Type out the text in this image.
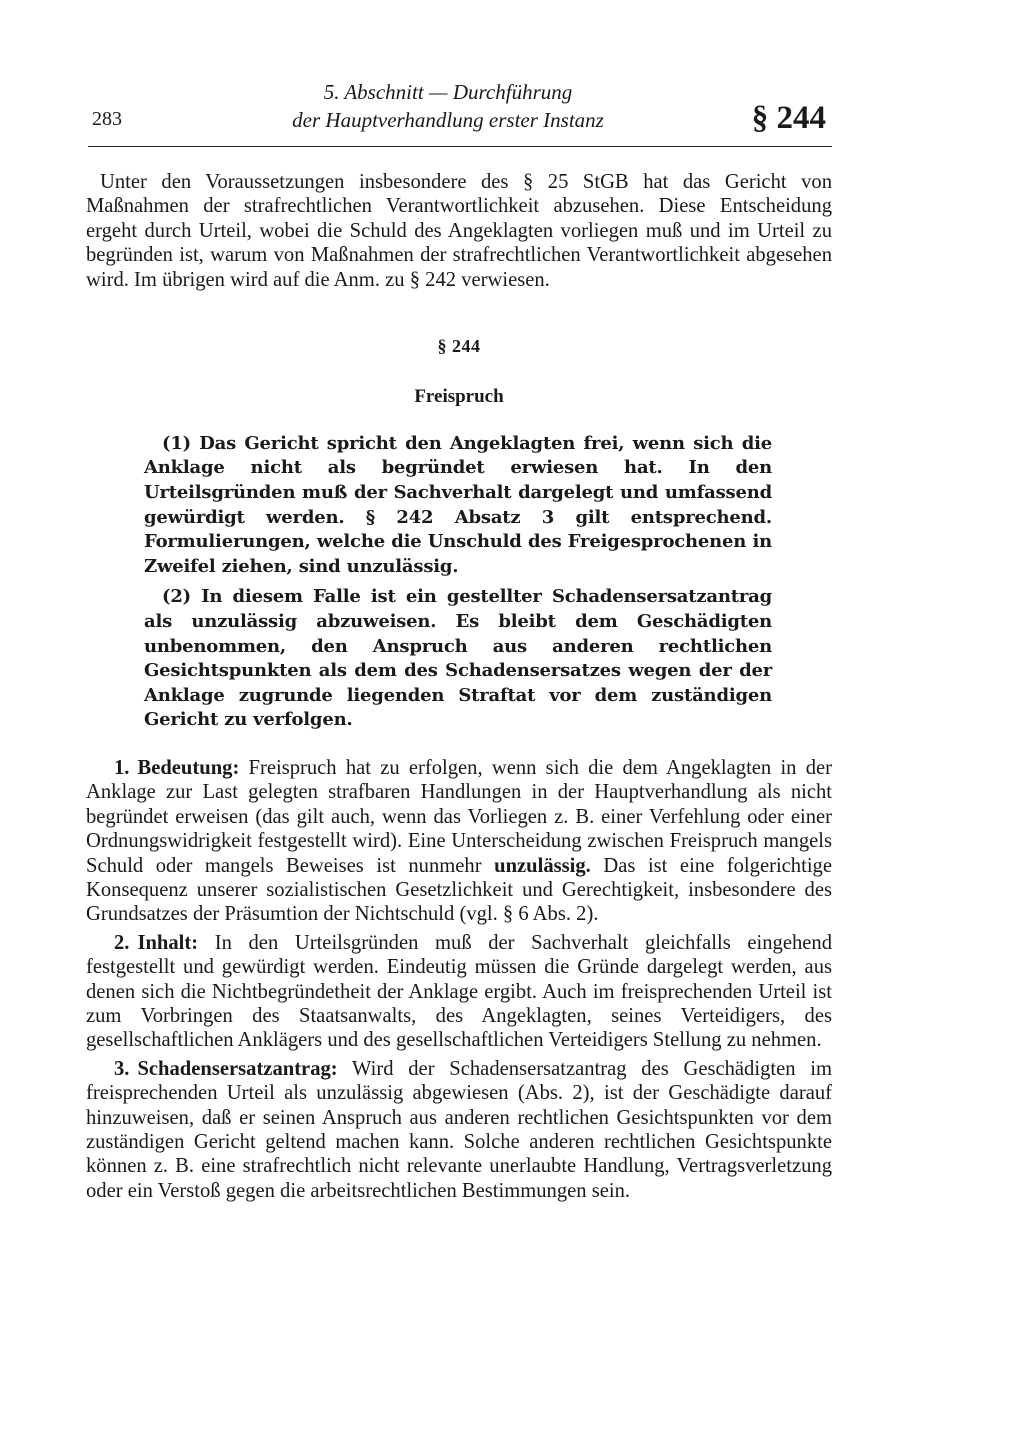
283
5. Abschnitt — Durchführung
der Hauptverhandlung erster Instanz	§ 244

Unter den Voraussetzungen insbesondere des § 25 StGB hat das Gericht von Maßnahmen der strafrechtlichen Verantwortlichkeit abzusehen. Diese Entscheidung ergeht durch Urteil, wobei die Schuld des Angeklagten vorliegen muß und im Urteil zu begründen ist, warum von Maßnahmen der strafrechtlichen Verantwortlichkeit abgesehen wird. Im übrigen wird auf die Anm. zu § 242 verwiesen.

§ 244
Freispruch

(1) Das Gericht spricht den Angeklagten frei, wenn sich die Anklage nicht als begründet erwiesen hat. In den Urteilsgründen muß der Sachverhalt dargelegt und umfassend gewürdigt werden. § 242 Absatz 3 gilt entsprechend. Formulierungen, welche die Unschuld des Freigesprochenen in Zweifel ziehen, sind unzulässig.

(2) In diesem Falle ist ein gestellter Schadensersatzantrag als unzulässig abzuweisen. Es bleibt dem Geschädigten unbenommen, den Anspruch aus anderen rechtlichen Gesichtspunkten als dem des Schadensersatzes wegen der der Anklage zugrunde liegenden Straftat vor dem zuständigen Gericht zu verfolgen.

1. Bedeutung: Freispruch hat zu erfolgen, wenn sich die dem Angeklagten in der Anklage zur Last gelegten strafbaren Handlungen in der Hauptverhandlung als nicht begründet erweisen (das gilt auch, wenn das Vorliegen z. B. einer Verfehlung oder einer Ordnungswidrigkeit festgestellt wird). Eine Unterscheidung zwischen Freispruch mangels Schuld oder mangels Beweises ist nunmehr unzulässig. Das ist eine folgerichtige Konsequenz unserer sozialistischen Gesetzlichkeit und Gerechtigkeit, insbesondere des Grundsatzes der Präsumtion der Nichtschuld (vgl. § 6 Abs. 2).

2. Inhalt: In den Urteilsgründen muß der Sachverhalt gleichfalls eingehend festgestellt und gewürdigt werden. Eindeutig müssen die Gründe dargelegt werden, aus denen sich die Nichtbegründetheit der Anklage ergibt. Auch im freisprechenden Urteil ist zum Vorbringen des Staatsanwalts, des Angeklagten, seines Verteidigers, des gesellschaftlichen Anklägers und des gesellschaftlichen Verteidigers Stellung zu nehmen.

3. Schadensersatzantrag: Wird der Schadensersatzantrag des Geschädigten im freisprechenden Urteil als unzulässig abgewiesen (Abs. 2), ist der Geschädigte darauf hinzuweisen, daß er seinen Anspruch aus anderen rechtlichen Gesichtspunkten vor dem zuständigen Gericht geltend machen kann. Solche anderen rechtlichen Gesichtspunkte können z. B. eine strafrechtlich nicht relevante unerlaubte Handlung, Vertragsverletzung oder ein Verstoß gegen die arbeitsrechtlichen Bestimmungen sein.
